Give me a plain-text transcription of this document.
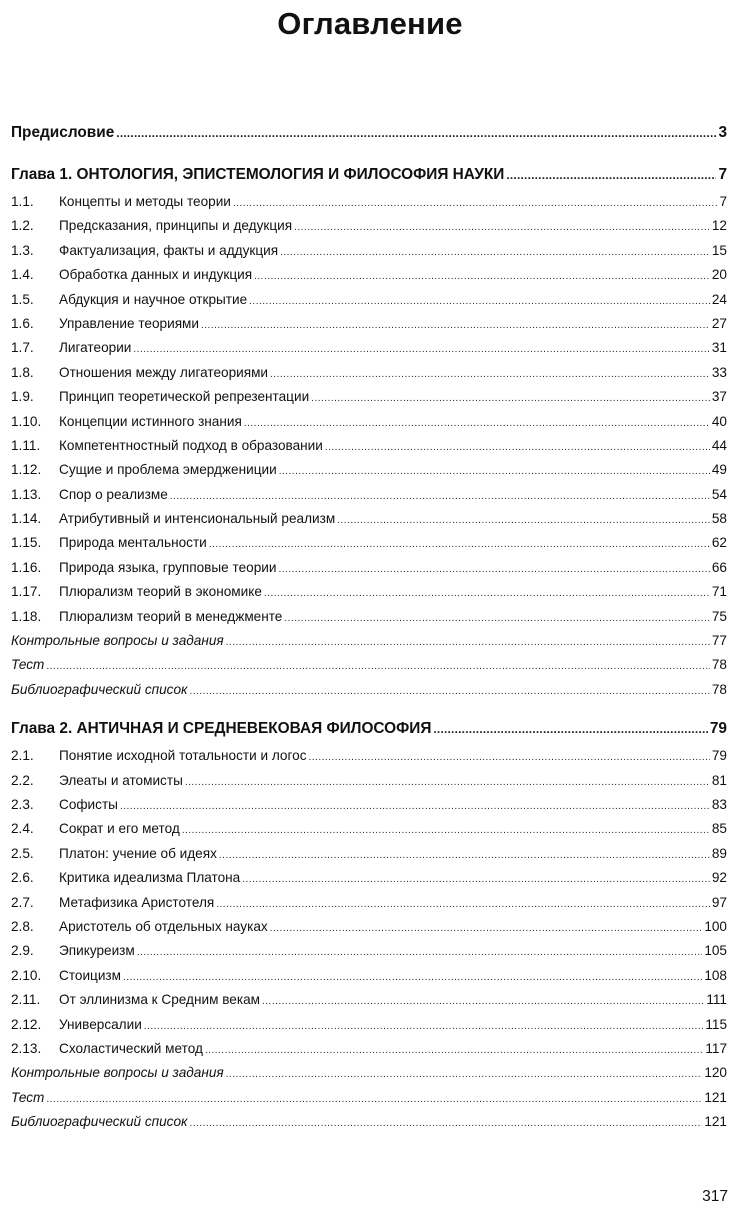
Оглавление
Предисловие .....	3
Глава 1. ОНТОЛОГИЯ, ЭПИСТЕМОЛОГИЯ И ФИЛОСОФИЯ НАУКИ .....	7
1.1.	Концепты и методы теории .....	7
1.2.	Предсказания, принципы и дедукция .....	12
1.3.	Фактуализация, факты и аддукция .....	15
1.4.	Обработка данных и индукция .....	20
1.5.	Абдукция и научное открытие .....	24
1.6.	Управление теориями .....	27
1.7.	Лигатеории .....	31
1.8.	Отношения между лигатеориями .....	33
1.9.	Принцип теоретической репрезентации .....	37
1.10.	Концепции истинного знания .....	40
1.11.	Компетентностный подход в образовании .....	44
1.12.	Сущие и проблема эмерджениции .....	49
1.13.	Спор о реализме .....	54
1.14.	Атрибутивный и интенсиональный реализм .....	58
1.15.	Природа ментальности .....	62
1.16.	Природа языка, групповые теории .....	66
1.17.	Плюрализм теорий в экономике .....	71
1.18.	Плюрализм теорий в менеджменте .....	75
Контрольные вопросы и задания .....	77
Тест .....	78
Библиографический список .....	78
Глава 2. АНТИЧНАЯ И СРЕДНЕВЕКОВАЯ ФИЛОСОФИЯ .....	79
2.1.	Понятие исходной тотальности и логос .....	79
2.2.	Элеаты и атомисты .....	81
2.3.	Софисты .....	83
2.4.	Сократ и его метод .....	85
2.5.	Платон: учение об идеях .....	89
2.6.	Критика идеализма Платона .....	92
2.7.	Метафизика Аристотеля .....	97
2.8.	Аристотель об отдельных науках .....	100
2.9.	Эпикуреизм .....	105
2.10.	Стоицизм .....	108
2.11.	От эллинизма к Средним векам .....	111
2.12.	Универсалии .....	115
2.13.	Схоластический метод .....	117
Контрольные вопросы и задания .....	120
Тест .....	121
Библиографический список .....	121
317
